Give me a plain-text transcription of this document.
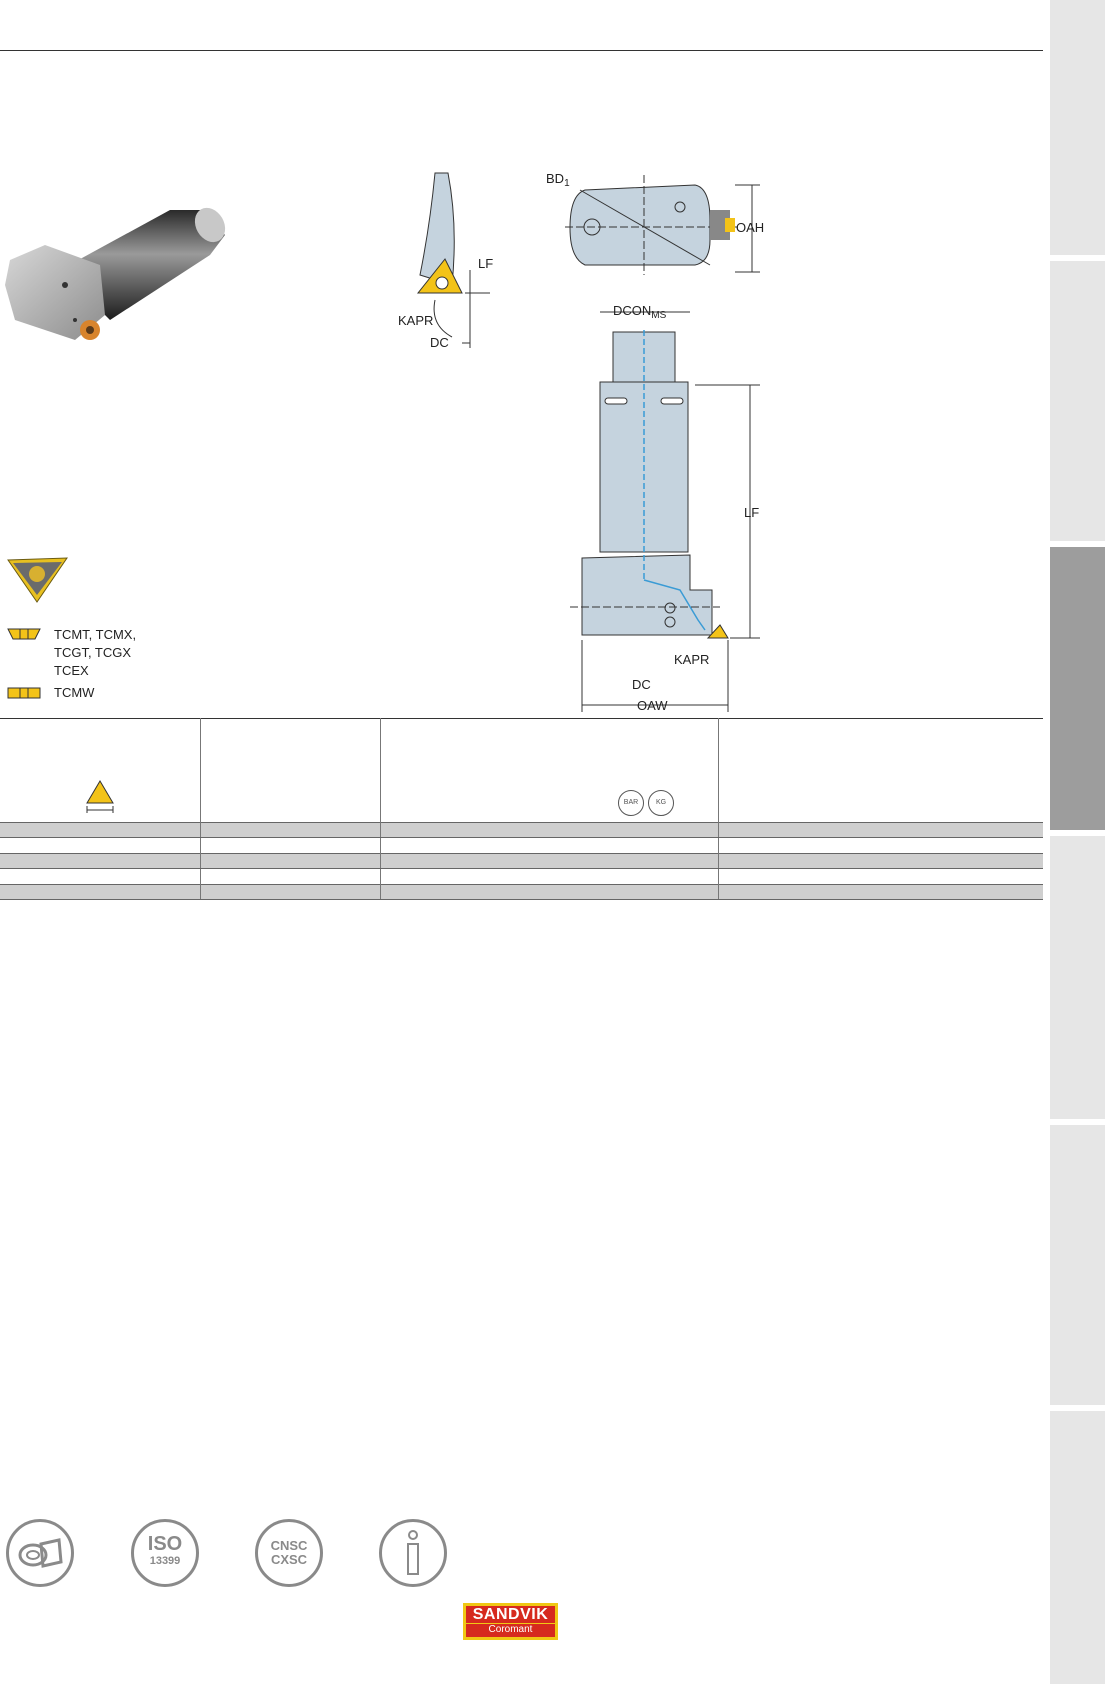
LF
KAPR
DC
$BD_1$
OAH
$DCON_{MS}$
LF
KAPR
DC
OAW
TCMT, TCMX,
TCGT, TCGX
TCEX
TCMW
		BAR KG	

ISO
13399
CNSC
CXSC
SANDVIK
Coromant
